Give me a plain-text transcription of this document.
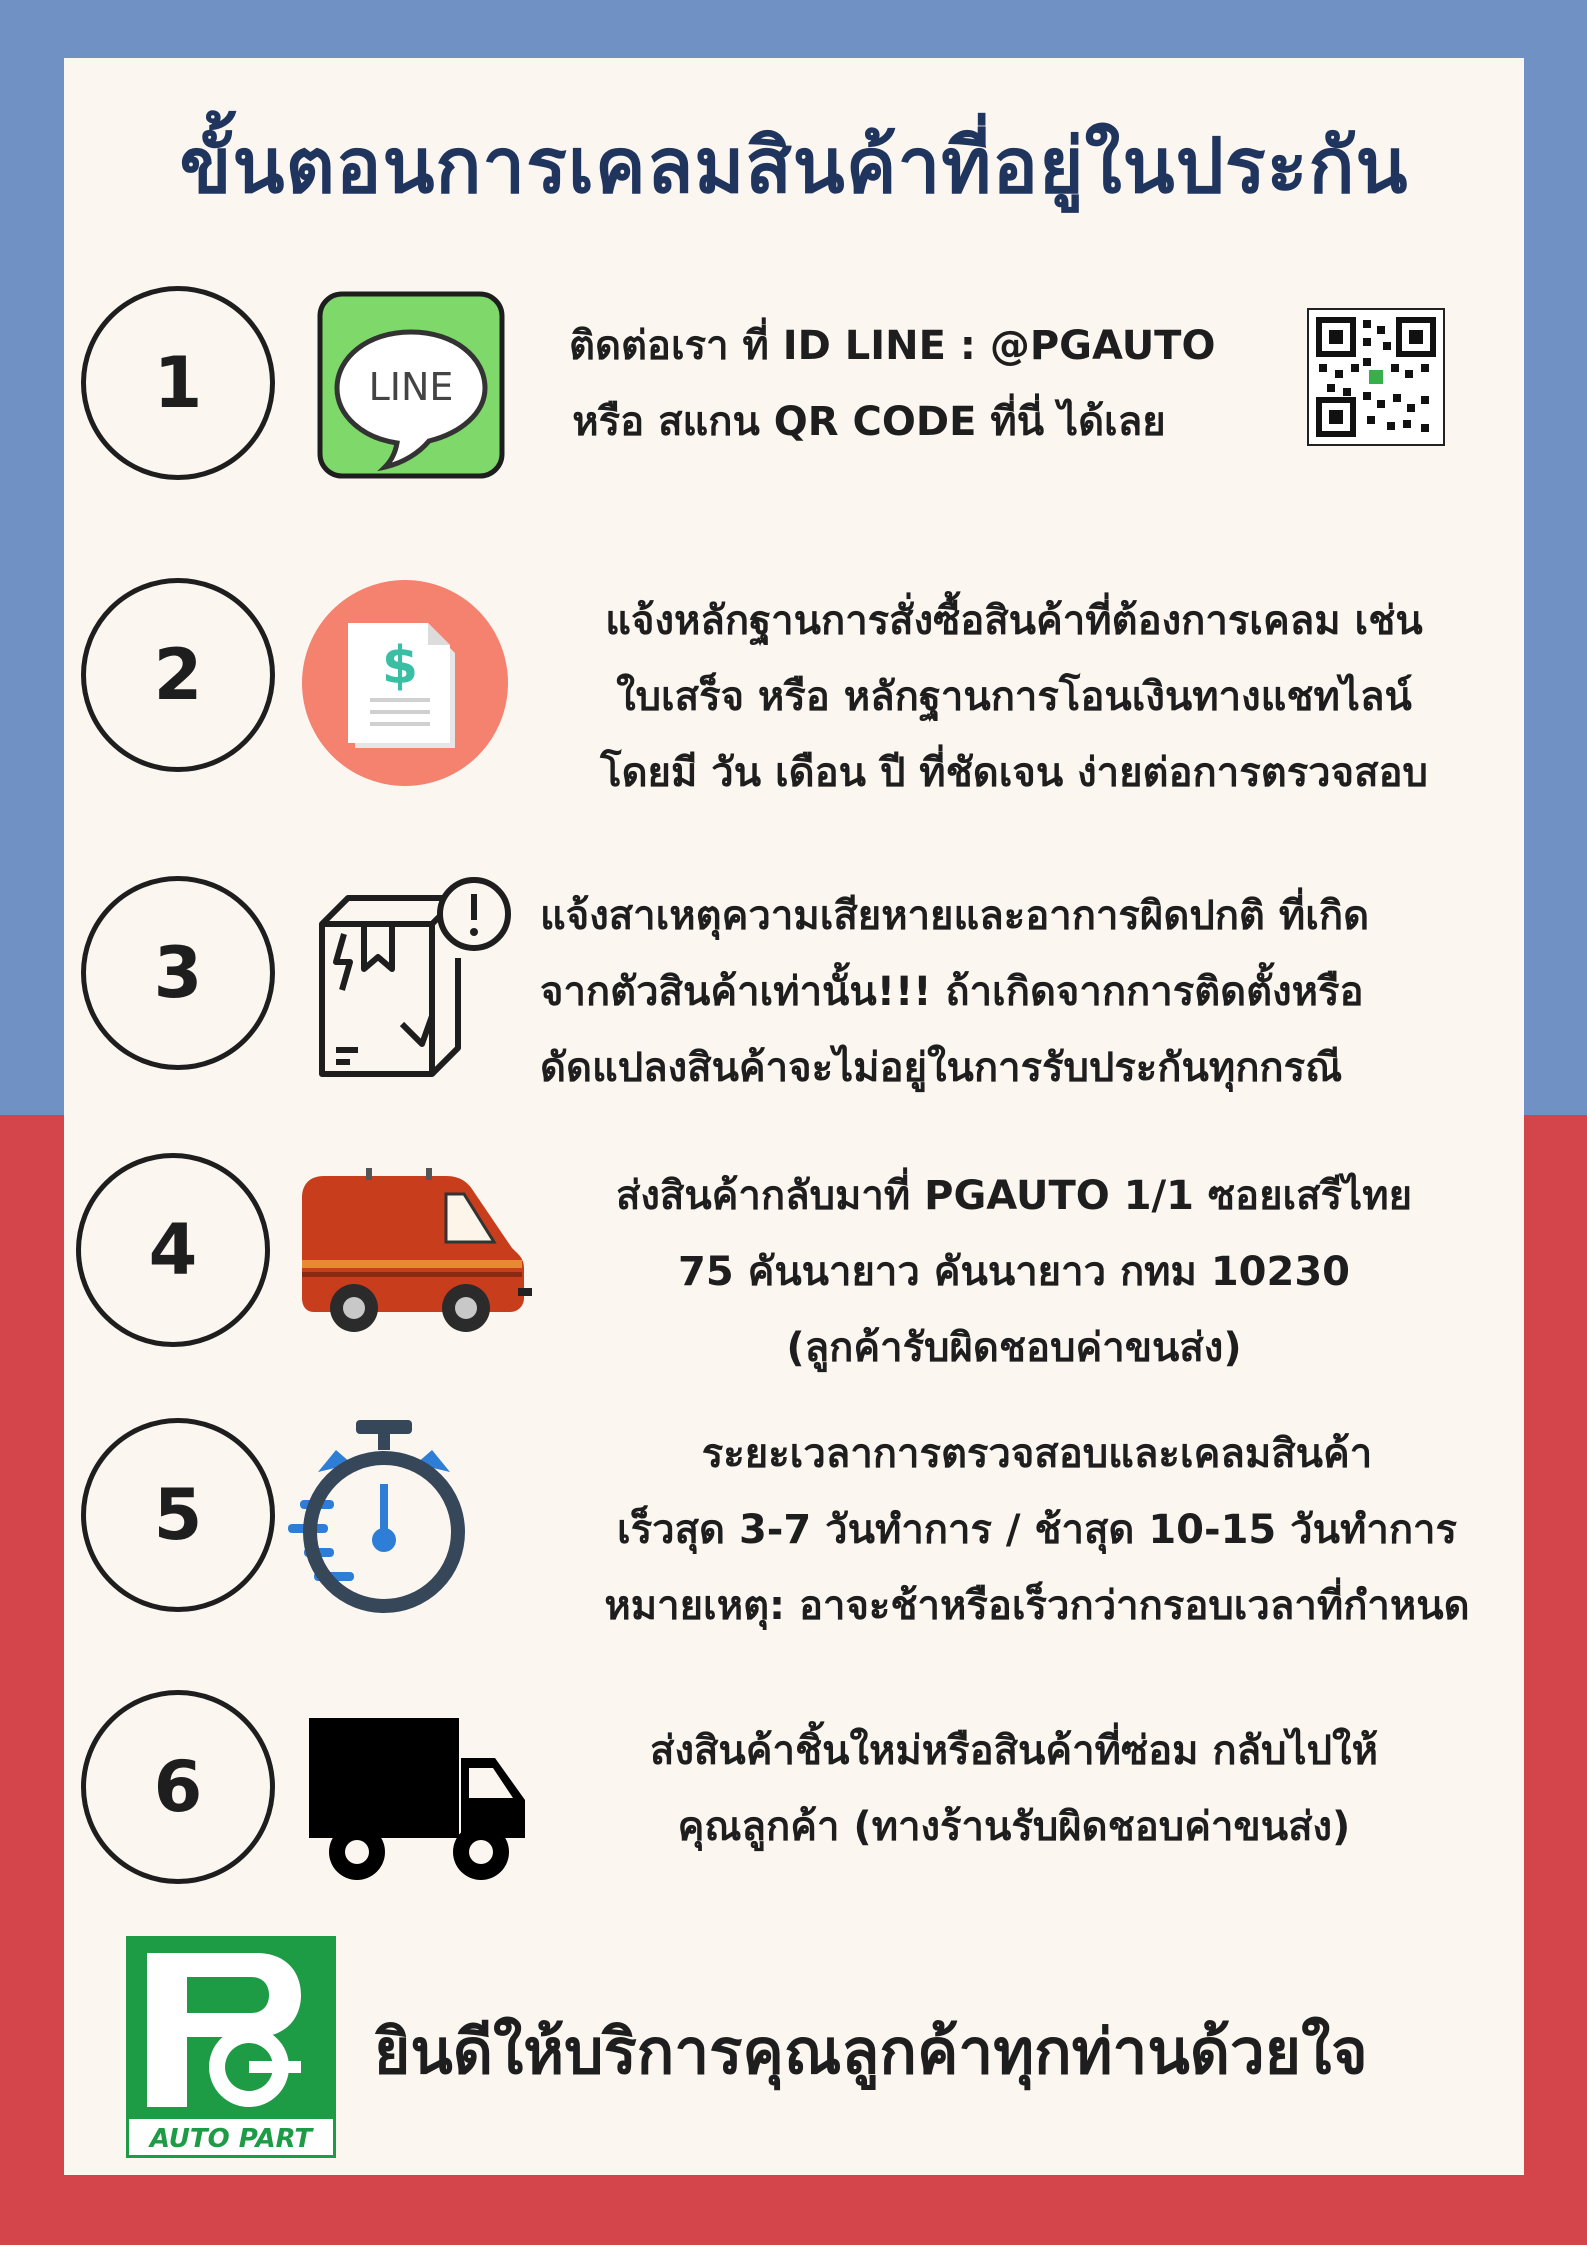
ขั้นตอนการเคลมสินค้าที่อยู่ในประกัน
1	LINE
ติดต่อเรา ที่ ID LINE : @PGAUTO
หรือ สแกน QR CODE ที่นี่ ได้เลย
2	$
แจ้งหลักฐานการสั่งซื้อสินค้าที่ต้องการเคลม เช่น
ใบเสร็จ หรือ หลักฐานการโอนเงินทางแชทไลน์
โดยมี วัน เดือน ปี ที่ชัดเจน ง่ายต่อการตรวจสอบ
3
แจ้งสาเหตุความเสียหายและอาการผิดปกติ ที่เกิด
จากตัวสินค้าเท่านั้น!!! ถ้าเกิดจากการติดตั้งหรือ
ดัดแปลงสินค้าจะไม่อยู่ในการรับประกันทุกกรณี
4
ส่งสินค้ากลับมาที่ PGAUTO 1/1 ซอยเสรีไทย
75 คันนายาว คันนายาว กทม 10230
(ลูกค้ารับผิดชอบค่าขนส่ง)
5
ระยะเวลาการตรวจสอบและเคลมสินค้า
เร็วสุด 3-7 วันทำการ / ช้าสุด 10-15 วันทำการ
หมายเหตุ: อาจะช้าหรือเร็วกว่ากรอบเวลาที่กำหนด
6	ส่งสินค้าชิ้นใหม่หรือสินค้าที่ซ่อม กลับไปให้
คุณลูกค้า (ทางร้านรับผิดชอบค่าขนส่ง)
AUTO PART
ยินดีให้บริการคุณลูกค้าทุกท่านด้วยใจ
